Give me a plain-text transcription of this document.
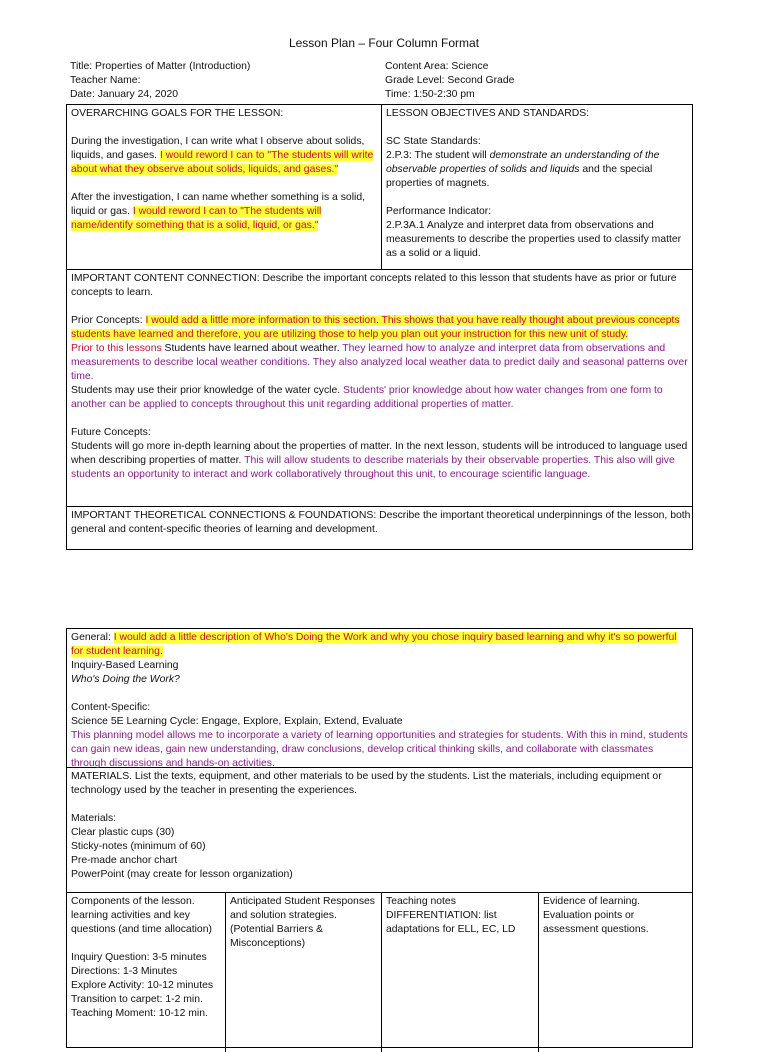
Lesson Plan – Four Column Format
Title: Properties of Matter (Introduction)
Teacher Name:
Date: January 24, 2020
Content Area: Science
Grade Level: Second Grade
Time: 1:50-2:30 pm

OVERARCHING GOALS FOR THE LESSON:

During the investigation, I can write what I observe about solids, liquids, and gases. I would reword I can to "The students will write about what they observe about solids, liquids, and gases."

After the investigation, I can name whether something is a solid, liquid or gas. I would reword I can to "The students will name/identify something that is a solid, liquid, or gas."

LESSON OBJECTIVES AND STANDARDS:

SC State Standards:

2.P.3: The student will demonstrate an understanding of the observable properties of solids and liquids and the special properties of magnets.

Performance Indicator:

2.P.3A.1 Analyze and interpret data from observations and measurements to describe the properties used to classify matter as a solid or a liquid.

IMPORTANT CONTENT CONNECTION: Describe the important concepts related to this lesson that students have as prior or future concepts to learn.

Prior Concepts: I would add a little more information to this section. This shows that you have really thought about previous concepts students have learned and therefore, you are utilizing those to help you plan out your instruction for this new unit of study.

Prior to this lessons Students have learned about weather. They learned how to analyze and interpret data from observations and measurements to describe local weather conditions. They also analyzed local weather data to predict daily and seasonal patterns over time.

Students may use their prior knowledge of the water cycle. Students' prior knowledge about how water changes from one form to another can be applied to concepts throughout this unit regarding additional properties of matter.

Future Concepts:

Students will go more in-depth learning about the properties of matter. In the next lesson, students will be introduced to language used when describing properties of matter. This will allow students to describe materials by their observable properties. This also will give students an opportunity to interact and work collaboratively throughout this unit, to encourage scientific language.

IMPORTANT THEORETICAL CONNECTIONS & FOUNDATIONS: Describe the important theoretical underpinnings of the lesson, both general and content-specific theories of learning and development.

General: I would add a little description of Who's Doing the Work and why you chose inquiry based learning and why it's so powerful for student learning.

Inquiry-Based Learning

Who's Doing the Work?

Content-Specific:

Science 5E Learning Cycle: Engage, Explore, Explain, Extend, Evaluate

This planning model allows me to incorporate a variety of learning opportunities and strategies for students. With this in mind, students can gain new ideas, gain new understanding, draw conclusions, develop critical thinking skills, and collaborate with classmates through discussions and hands-on activities.

MATERIALS. List the texts, equipment, and other materials to be used by the students. List the materials, including equipment or technology used by the teacher in presenting the experiences.

Materials:

Clear plastic cups (30)

Sticky-notes (minimum of 60)

Pre-made anchor chart

PowerPoint (may create for lesson organization)

Components of the lesson. learning activities and key questions (and time allocation)

Inquiry Question: 3-5 minutes

Directions: 1-3 Minutes

Explore Activity: 10-12 minutes

Transition to carpet: 1-2 min.

Teaching Moment: 10-12 min.

Anticipated Student Responses and solution strategies. (Potential Barriers & Misconceptions)

Teaching notes DIFFERENTIATION: list adaptations for ELL, EC, LD

Evidence of learning. Evaluation points or assessment questions.
